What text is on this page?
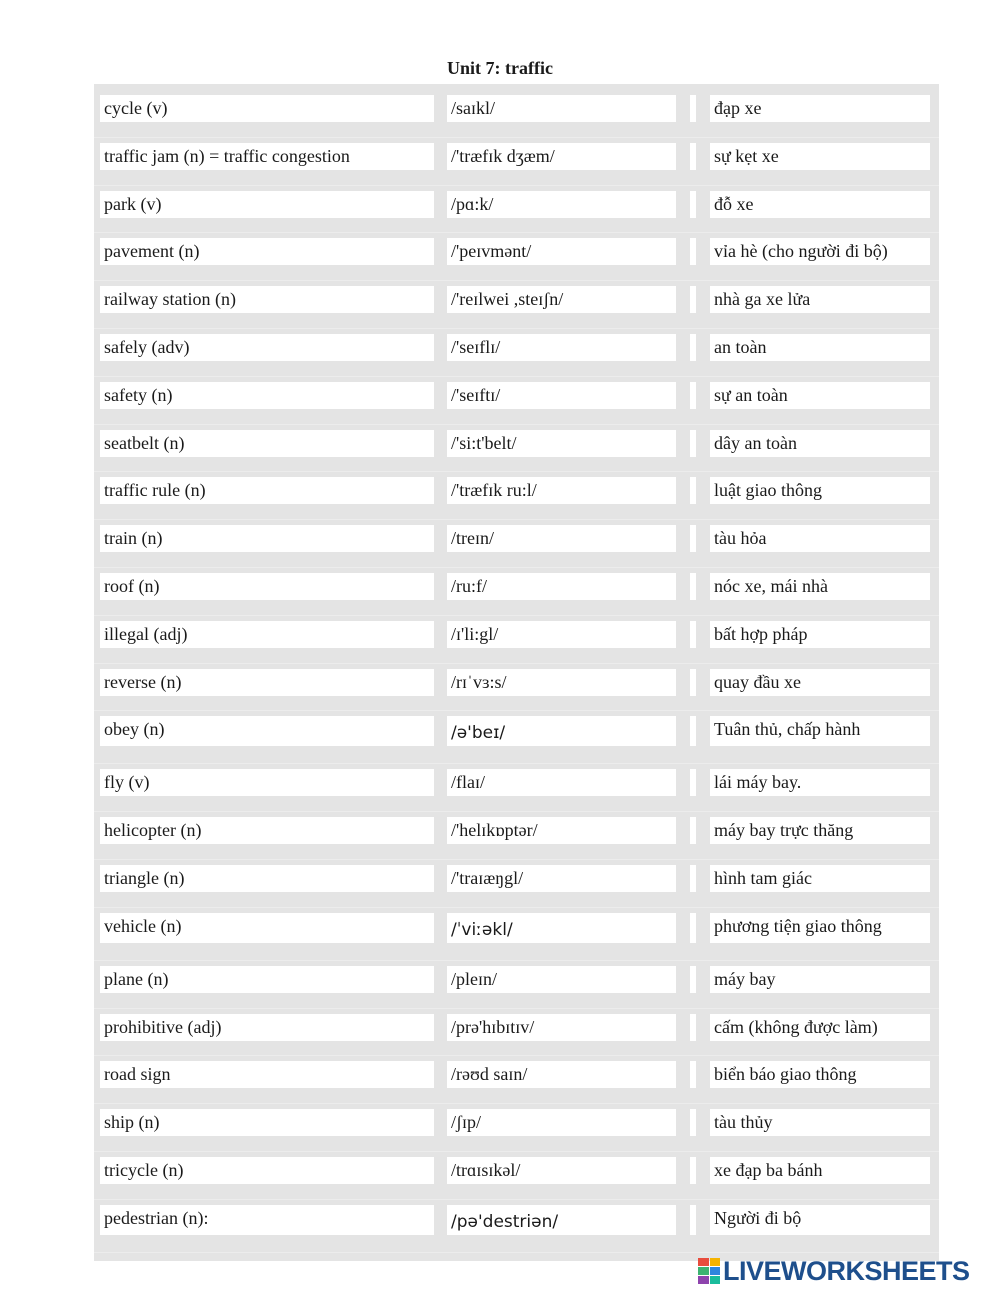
Unit 7: traffic
cycle (v)	/saɪkl/	đạp xe
traffic jam (n) = traffic congestion	/'træfɪk dʒæm/	sự kẹt xe
park (v)	/pɑ:k/	đỗ xe
pavement (n)	/'peɪvmənt/	vỉa hè (cho người đi bộ)
railway station (n)	/'reɪlwei ,steɪʃn/	nhà ga xe lửa
safely (adv)	/'seɪflɪ/	an toàn
safety (n)	/'seɪftɪ/	sự an toàn
seatbelt (n)	/'si:t'belt/	dây an toàn
traffic rule (n)	/'træfɪk ru:l/	luật giao thông
train (n)	/treɪn/	tàu hỏa
roof (n)	/ru:f/	nóc xe, mái nhà
illegal (adj)	/ɪ'li:gl/	bất hợp pháp
reverse (n)	/rɪˈvɜ:s/	quay đầu xe
obey (n)	/ə'beɪ/	Tuân thủ, chấp hành
fly (v)	/flaɪ/	lái máy bay.
helicopter (n)	/'helɪkɒptər/	máy bay trực thăng
triangle (n)	/'traɪæŋgl/	hình tam giác
vehicle (n)	/ˈviːəkl/	phương tiện giao thông
plane (n)	/pleɪn/	máy bay
prohibitive (adj)	/prə'hɪbɪtɪv/	cấm (không được làm)
road sign	/rəʊd saɪn/	biển báo giao thông
ship (n)	/ʃɪp/	tàu thủy
tricycle (n)	/trɑɪsɪkəl/	xe đạp ba bánh
pedestrian (n):	/pə'destriən/	Người đi bộ
LIVEWORKSHEETS
